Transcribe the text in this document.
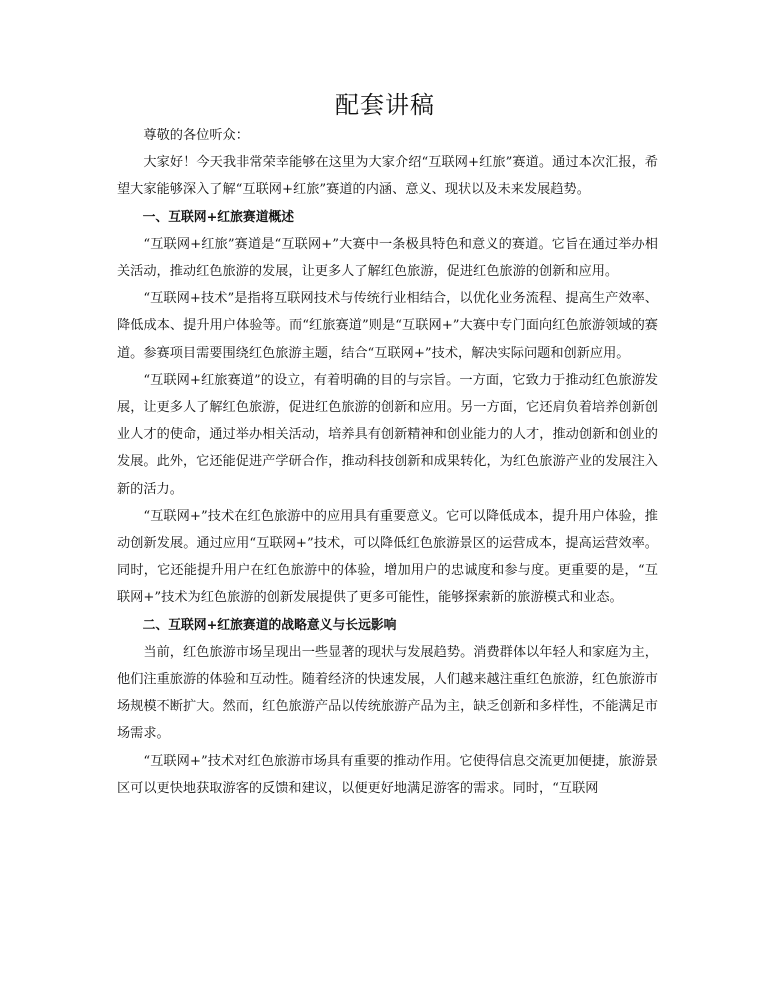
配套讲稿

尊敬的各位听众：

大家好！今天我非常荣幸能够在这里为大家介绍“互联网+红旅”赛道。通过本次汇报，希望大家能够深入了解“互联网+红旅”赛道的内涵、意义、现状以及未来发展趋势。

一、互联网+红旅赛道概述

“互联网+红旅”赛道是“互联网+”大赛中一条极具特色和意义的赛道。它旨在通过举办相关活动，推动红色旅游的发展，让更多人了解红色旅游，促进红色旅游的创新和应用。

“互联网+技术”是指将互联网技术与传统行业相结合，以优化业务流程、提高生产效率、降低成本、提升用户体验等。而“红旅赛道”则是“互联网+”大赛中专门面向红色旅游领域的赛道。参赛项目需要围绕红色旅游主题，结合“互联网+”技术，解决实际问题和创新应用。

“互联网+红旅赛道”的设立，有着明确的目的与宗旨。一方面，它致力于推动红色旅游发展，让更多人了解红色旅游，促进红色旅游的创新和应用。另一方面，它还肩负着培养创新创业人才的使命，通过举办相关活动，培养具有创新精神和创业能力的人才，推动创新和创业的发展。此外，它还能促进产学研合作，推动科技创新和成果转化，为红色旅游产业的发展注入新的活力。

“互联网+”技术在红色旅游中的应用具有重要意义。它可以降低成本，提升用户体验，推动创新发展。通过应用“互联网+”技术，可以降低红色旅游景区的运营成本，提高运营效率。同时，它还能提升用户在红色旅游中的体验，增加用户的忠诚度和参与度。更重要的是，“互联网+”技术为红色旅游的创新发展提供了更多可能性，能够探索新的旅游模式和业态。

二、互联网+红旅赛道的战略意义与长远影响

当前，红色旅游市场呈现出一些显著的现状与发展趋势。消费群体以年轻人和家庭为主，他们注重旅游的体验和互动性。随着经济的快速发展，人们越来越注重红色旅游，红色旅游市场规模不断扩大。然而，红色旅游产品以传统旅游产品为主，缺乏创新和多样性，不能满足市场需求。

“互联网+”技术对红色旅游市场具有重要的推动作用。它使得信息交流更加便捷，旅游景区可以更快地获取游客的反馈和建议，以便更好地满足游客的需求。同时，“互联网
